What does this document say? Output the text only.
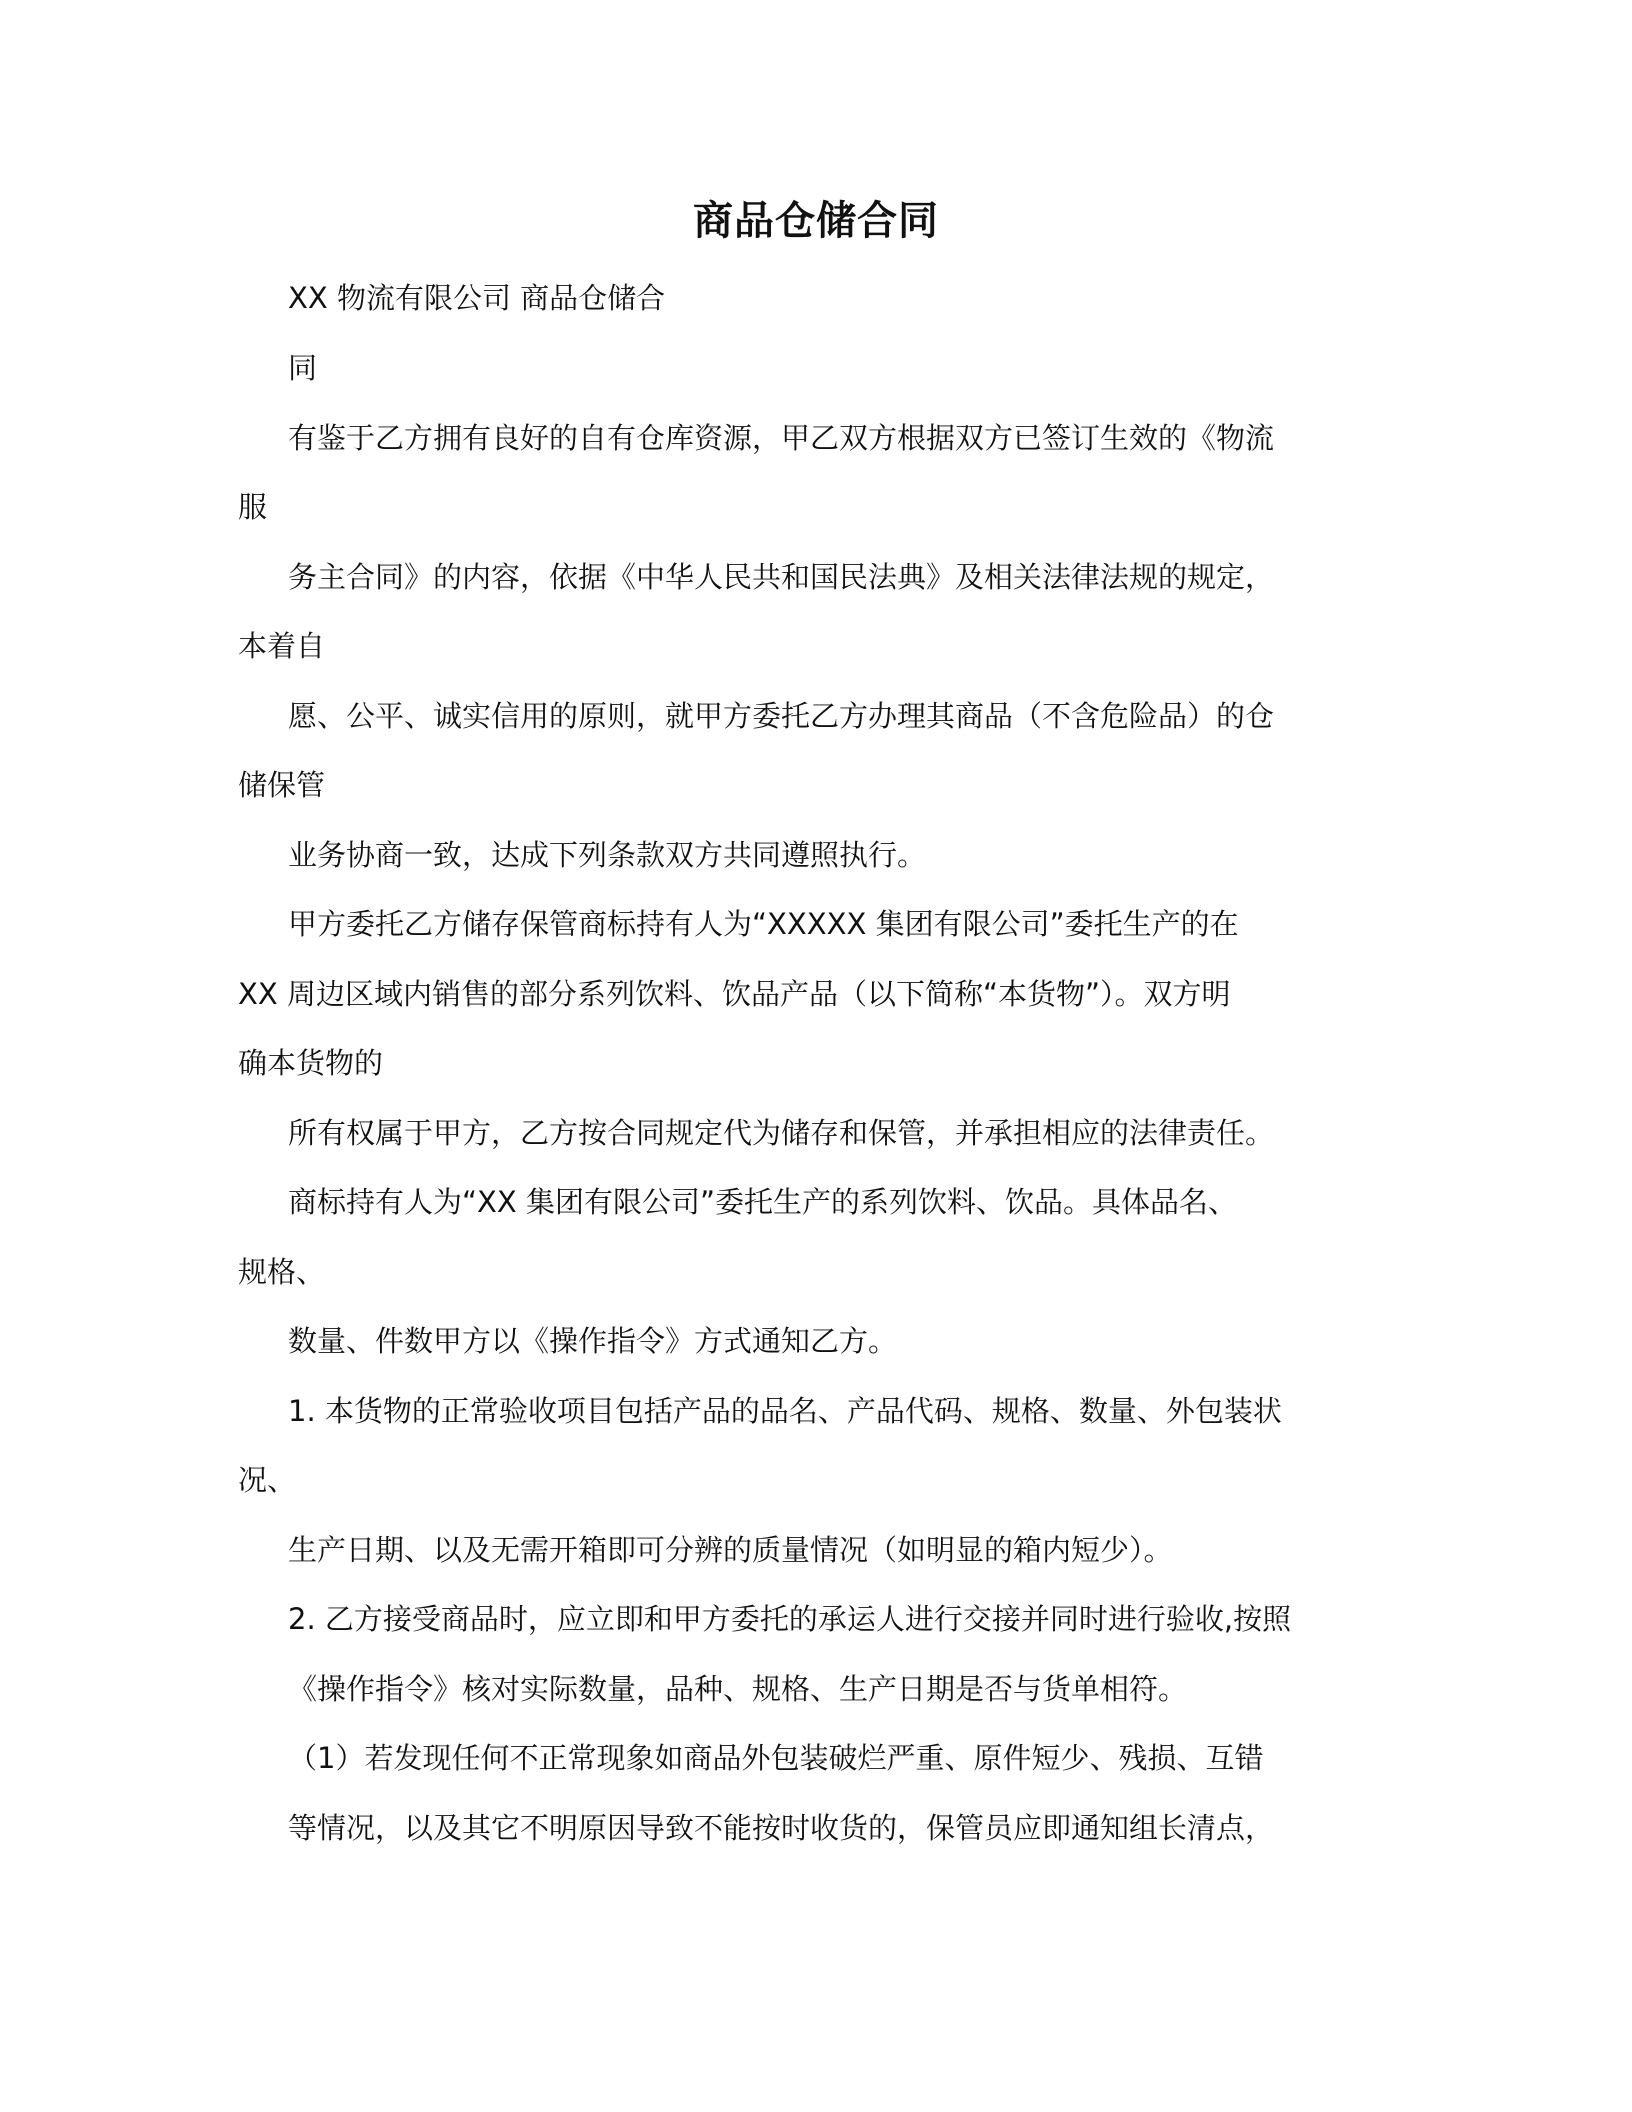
商品仓储合同
XX 物流有限公司 商品仓储合
同
有鉴于乙方拥有良好的自有仓库资源，甲乙双方根据双方已签订生效的《物流
服
务主合同》的内容，依据《中华人民共和国民法典》及相关法律法规的规定，
本着自
愿、公平、诚实信用的原则，就甲方委托乙方办理其商品（不含危险品）的仓
储保管
业务协商一致，达成下列条款双方共同遵照执行。
甲方委托乙方储存保管商标持有人为“XXXXX 集团有限公司”委托生产的在
XX 周边区域内销售的部分系列饮料、饮品产品（以下简称“本货物”）。双方明
确本货物的
所有权属于甲方，乙方按合同规定代为储存和保管，并承担相应的法律责任。
商标持有人为“XX 集团有限公司”委托生产的系列饮料、饮品。具体品名、
规格、
数量、件数甲方以《操作指令》方式通知乙方。
1. 本货物的正常验收项目包括产品的品名、产品代码、规格、数量、外包装状
况、
生产日期、以及无需开箱即可分辨的质量情况（如明显的箱内短少）。
2. 乙方接受商品时，应立即和甲方委托的承运人进行交接并同时进行验收,按照
《操作指令》核对实际数量，品种、规格、生产日期是否与货单相符。
（1）若发现任何不正常现象如商品外包装破烂严重、原件短少、残损、互错
等情况，以及其它不明原因导致不能按时收货的，保管员应即通知组长清点，
